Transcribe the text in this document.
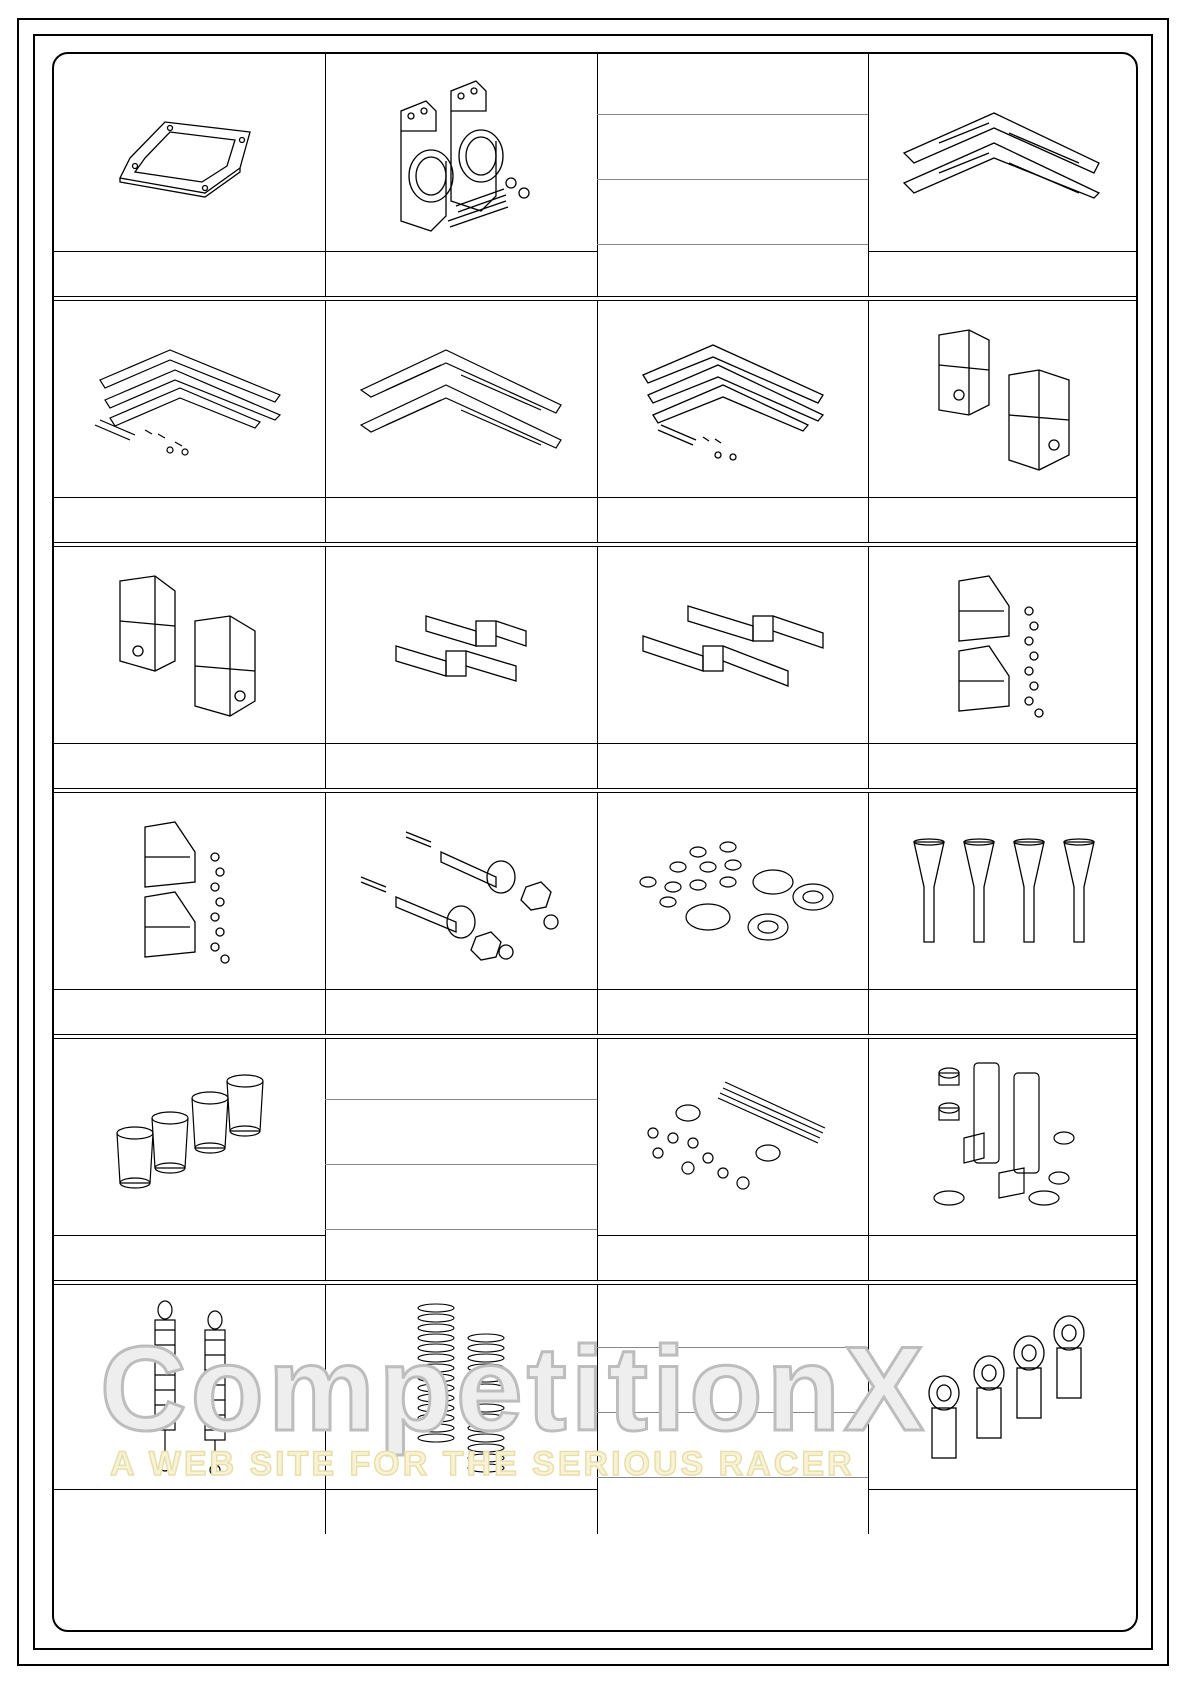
CompetitionX
A WEB SITE FOR THE SERIOUS RACER
